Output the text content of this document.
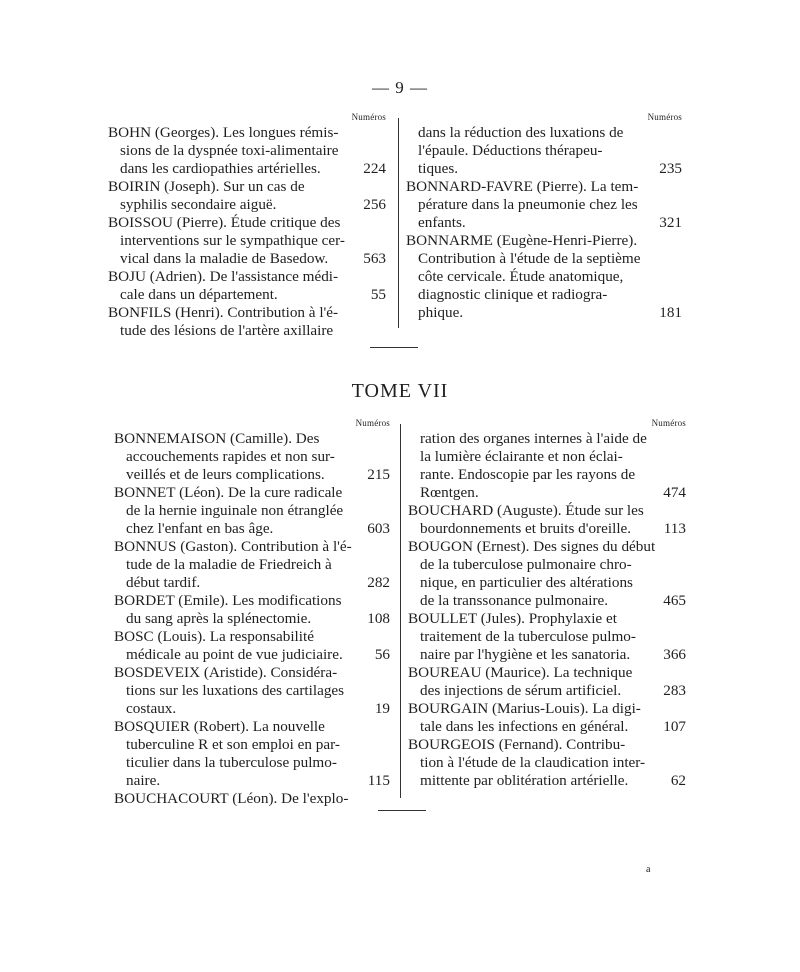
— 9 —
Numéros
BOHN (Georges). Les longues rémis-
sions de la dyspnée toxi-alimentaire
dans les cardiopathies artérielles.	224
BOIRIN (Joseph). Sur un cas de
syphilis secondaire aiguë.	256
BOISSOU (Pierre). Étude critique des
interventions sur le sympathique cer-
vical dans la maladie de Basedow.	563
BOJU (Adrien). De l'assistance médi-
cale dans un département.	55
BONFILS (Henri). Contribution à l'é-
tude des lésions de l'artère axillaire
Numéros
dans la réduction des luxations de
l'épaule. Déductions thérapeu-
tiques.	235
BONNARD-FAVRE (Pierre). La tem-
pérature dans la pneumonie chez les
enfants.	321
BONNARME (Eugène-Henri-Pierre).
Contribution à l'étude de la septième
côte cervicale. Étude anatomique,
diagnostic clinique et radiogra-
phique.	181
TOME VII
Numéros
BONNEMAISON (Camille). Des
accouchements rapides et non sur-
veillés et de leurs complications.	215
BONNET (Léon). De la cure radicale
de la hernie inguinale non étranglée
chez l'enfant en bas âge.	603
BONNUS (Gaston). Contribution à l'é-
tude de la maladie de Friedreich à
début tardif.	282
BORDET (Emile). Les modifications
du sang après la splénectomie.	108
BOSC (Louis). La responsabilité
médicale au point de vue judiciaire.	56
BOSDEVEIX (Aristide). Considéra-
tions sur les luxations des cartilages
costaux.	19
BOSQUIER (Robert). La nouvelle
tuberculine R et son emploi en par-
ticulier dans la tuberculose pulmo-
naire.	115
BOUCHACOURT (Léon). De l'explo-
Numéros
ration des organes internes à l'aide de
la lumière éclairante et non éclai-
rante. Endoscopie par les rayons de
Rœntgen.	474
BOUCHARD (Auguste). Étude sur les
bourdonnements et bruits d'oreille.	113
BOUGON (Ernest). Des signes du début
de la tuberculose pulmonaire chro-
nique, en particulier des altérations
de la transsonance pulmonaire.	465
BOULLET (Jules). Prophylaxie et
traitement de la tuberculose pulmo-
naire par l'hygiène et les sanatoria.	366
BOUREAU (Maurice). La technique
des injections de sérum artificiel.	283
BOURGAIN (Marius-Louis). La digi-
tale dans les infections en général.	107
BOURGEOIS (Fernand). Contribu-
tion à l'étude de la claudication inter-
mittente par oblitération artérielle.	62
a
